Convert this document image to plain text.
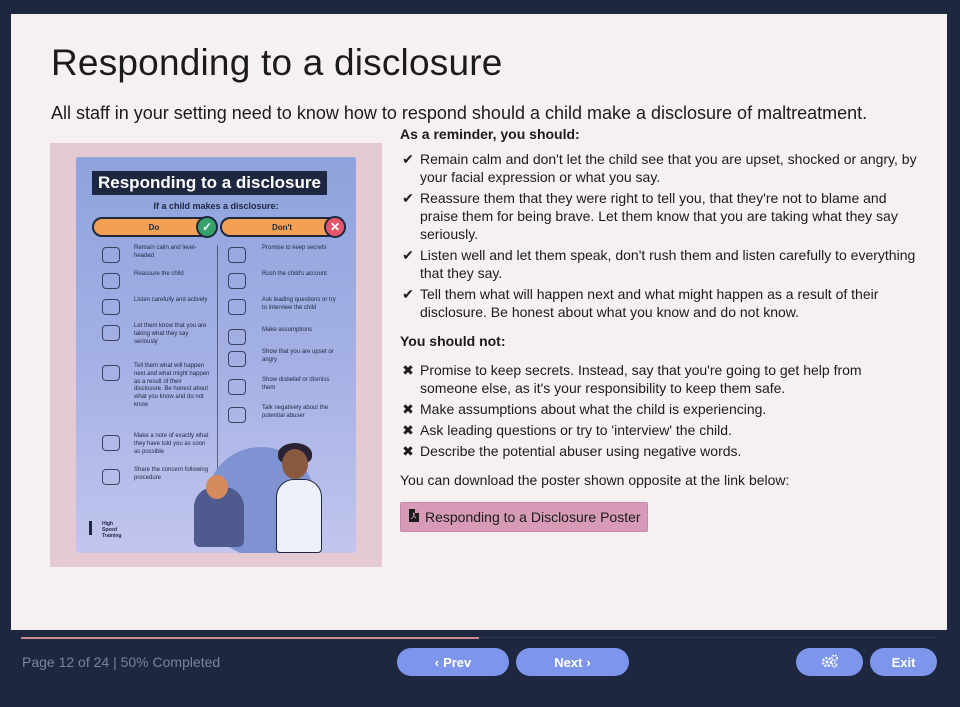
Responding to a disclosure

All staff in your setting need to know how to respond should a child make a disclosure of maltreatment.

Responding to a disclosure
If a child makes a disclosure:
Do	✓	Don't	✕
Remain calm and level-headed
Reassure the child
Listen carefully and actively
Let them know that you are taking what they say seriously
Tell them what will happen next and what might happen as a result of their disclosure. Be honest about what you know and do not know
Make a note of exactly what they have told you as soon as possible
Share the concern following procedure
Promise to keep secrets
Rush the child's account
Ask leading questions or try to interview the child
Make assumptions
Show that you are upset or angry
Show disbelief or dismiss them
Talk negatively about the potential abuser
High
Speed
Training
As a reminder, you should:
✔ Remain calm and don't let the child see that you are upset, shocked or angry, by your facial expression or what you say.
✔ Reassure them that they were right to tell you, that they're not to blame and praise them for being brave. Let them know that you are taking what they say seriously.
✔ Listen well and let them speak, don't rush them and listen carefully to everything that they say.
✔ Tell them what will happen next and what might happen as a result of their disclosure. Be honest about what you know and do not know.
You should not:
✖ Promise to keep secrets. Instead, say that you're going to get help from someone else, as it's your responsibility to keep them safe.
✖ Make assumptions about what the child is experiencing.
✖ Ask leading questions or try to 'interview' the child.
✖ Describe the potential abuser using negative words.
You can download the poster shown opposite at the link below:
Responding to a Disclosure Poster
Page 12 of 24 | 50% Completed	‹ Prev	Next ›	Exit
